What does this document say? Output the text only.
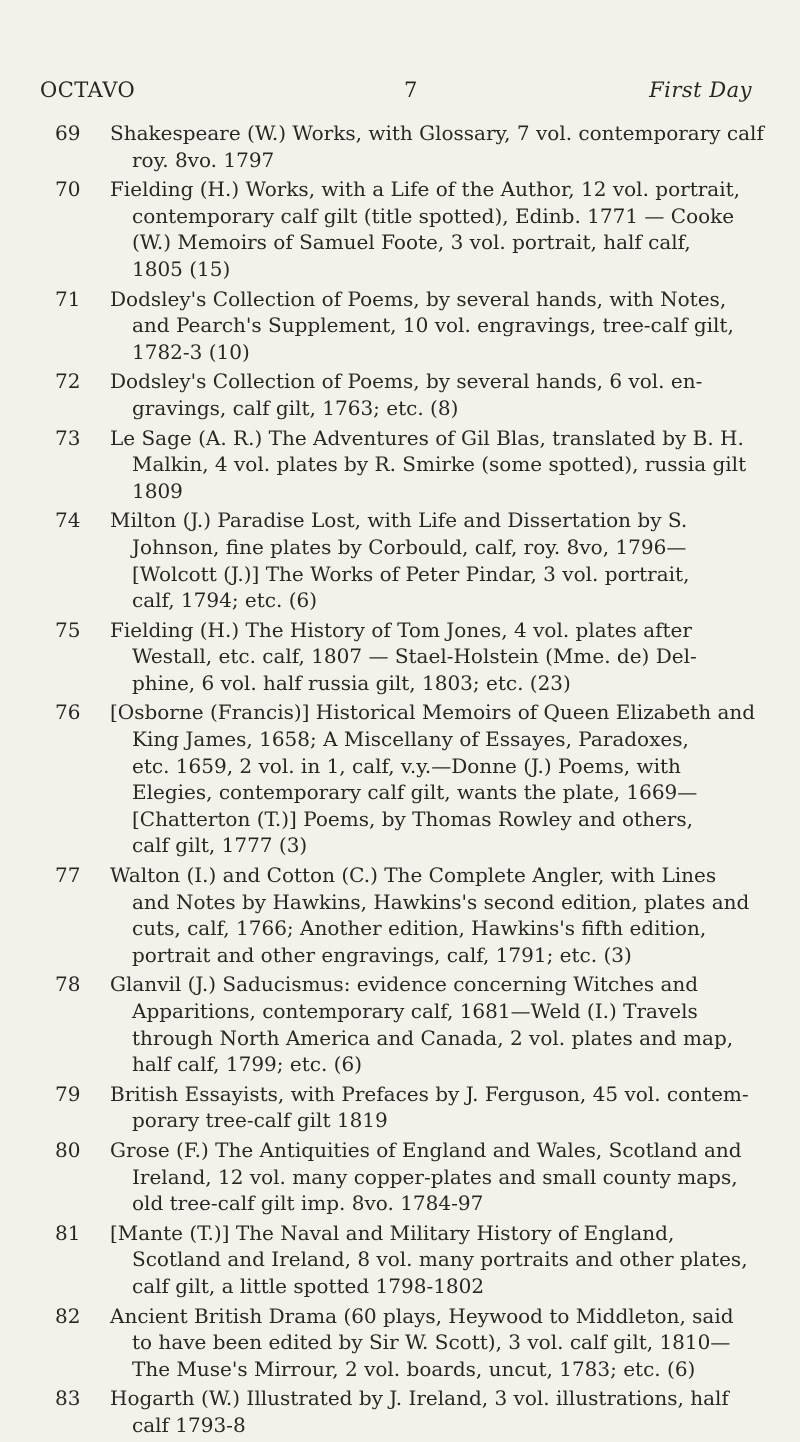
OCTAVO	7	First Day
69 Shakespeare (W.) Works, with Glossary, 7 vol. contemporary calf
roy. 8vo. 1797
70 Fielding (H.) Works, with a Life of the Author, 12 vol. portrait,
contemporary calf gilt (title spotted), Edinb. 1771 — Cooke
(W.) Memoirs of Samuel Foote, 3 vol. portrait, half calf,
1805 (15)
71 Dodsley's Collection of Poems, by several hands, with Notes,
and Pearch's Supplement, 10 vol. engravings, tree-calf gilt,
1782-3 (10)
72 Dodsley's Collection of Poems, by several hands, 6 vol. en-
gravings, calf gilt, 1763; etc. (8)
73 Le Sage (A. R.) The Adventures of Gil Blas, translated by B. H.
Malkin, 4 vol. plates by R. Smirke (some spotted), russia gilt
1809
74 Milton (J.) Paradise Lost, with Life and Dissertation by S.
Johnson, fine plates by Corbould, calf, roy. 8vo, 1796—
[Wolcott (J.)] The Works of Peter Pindar, 3 vol. portrait,
calf, 1794; etc. (6)
75 Fielding (H.) The History of Tom Jones, 4 vol. plates after
Westall, etc. calf, 1807 — Stael-Holstein (Mme. de) Del-
phine, 6 vol. half russia gilt, 1803; etc. (23)
76 [Osborne (Francis)] Historical Memoirs of Queen Elizabeth and
King James, 1658; A Miscellany of Essayes, Paradoxes,
etc. 1659, 2 vol. in 1, calf, v.y.—Donne (J.) Poems, with
Elegies, contemporary calf gilt, wants the plate, 1669—
[Chatterton (T.)] Poems, by Thomas Rowley and others,
calf gilt, 1777 (3)
77 Walton (I.) and Cotton (C.) The Complete Angler, with Lines
and Notes by Hawkins, Hawkins's second edition, plates and
cuts, calf, 1766; Another edition, Hawkins's fifth edition,
portrait and other engravings, calf, 1791; etc. (3)
78 Glanvil (J.) Saducismus: evidence concerning Witches and
Apparitions, contemporary calf, 1681—Weld (I.) Travels
through North America and Canada, 2 vol. plates and map,
half calf, 1799; etc. (6)
79 British Essayists, with Prefaces by J. Ferguson, 45 vol. contem-
porary tree-calf gilt 1819
80 Grose (F.) The Antiquities of England and Wales, Scotland and
Ireland, 12 vol. many copper-plates and small county maps,
old tree-calf gilt imp. 8vo. 1784-97
81 [Mante (T.)] The Naval and Military History of England,
Scotland and Ireland, 8 vol. many portraits and other plates,
calf gilt, a little spotted 1798-1802
82 Ancient British Drama (60 plays, Heywood to Middleton, said
to have been edited by Sir W. Scott), 3 vol. calf gilt, 1810—
The Muse's Mirrour, 2 vol. boards, uncut, 1783; etc. (6)
83 Hogarth (W.) Illustrated by J. Ireland, 3 vol. illustrations, half
calf 1793-8
